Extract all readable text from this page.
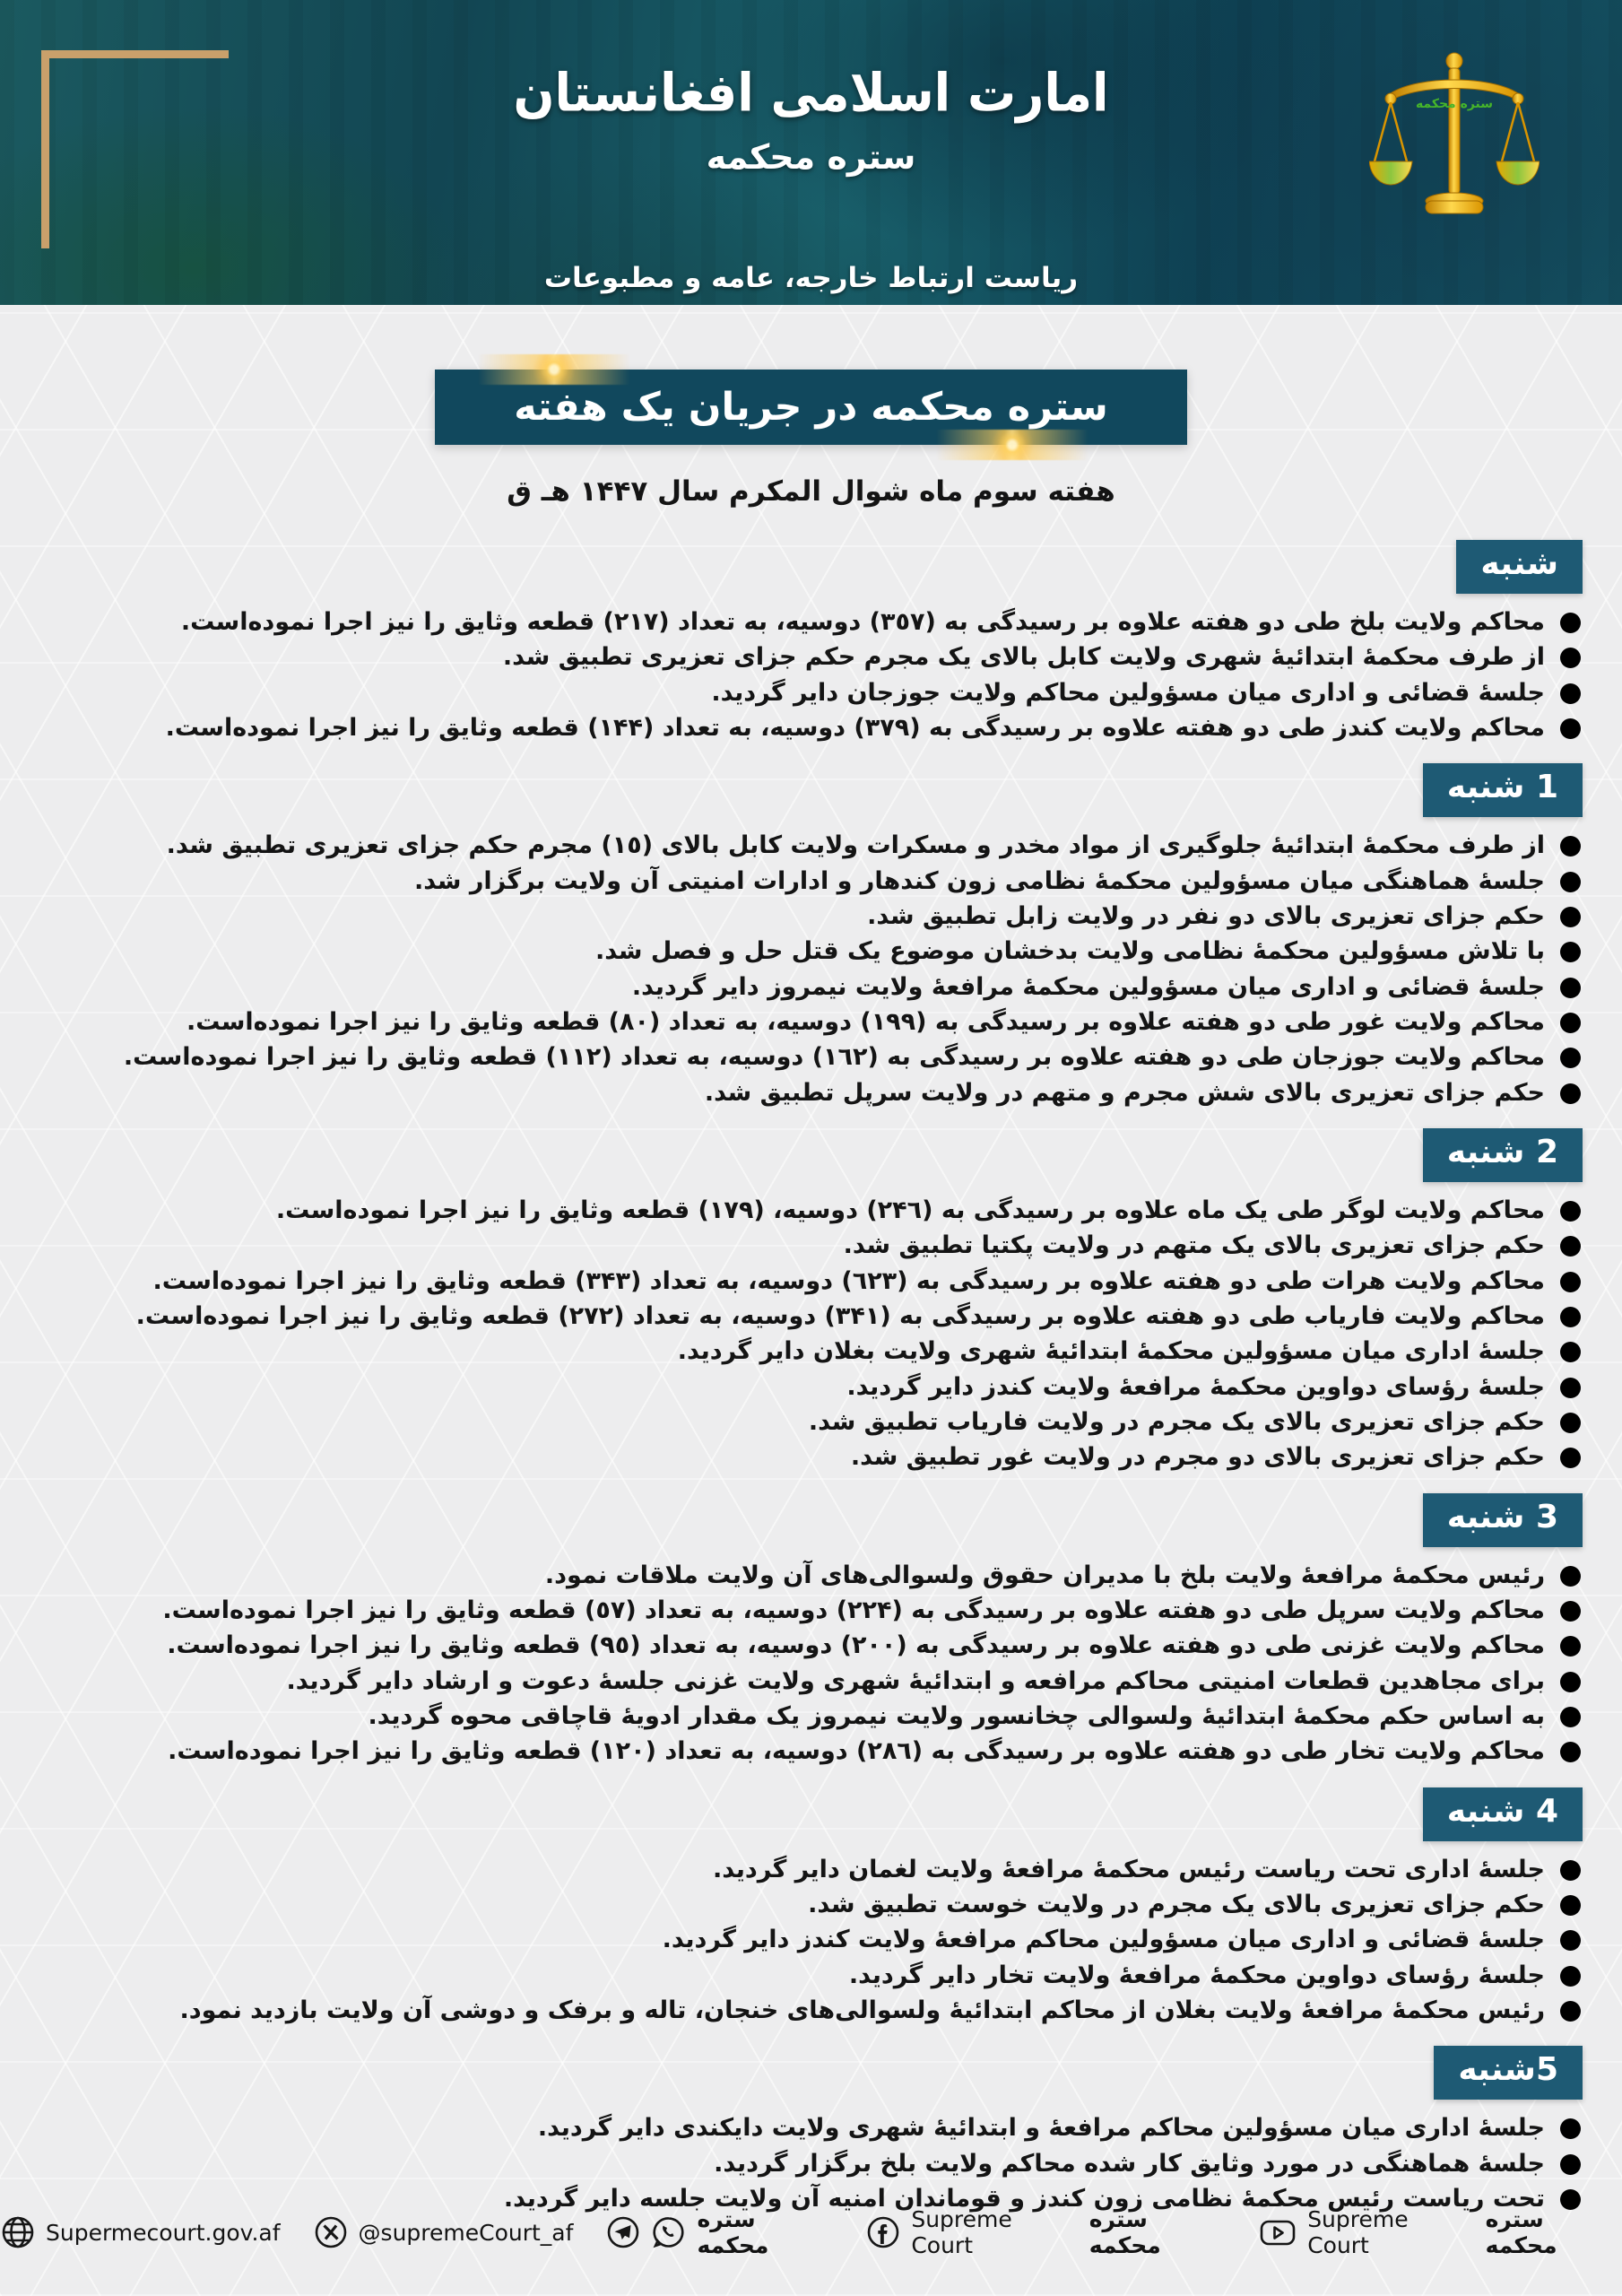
امارت اسلامی افغانستان
ستره محکمه
ستره محکمه
ریاست ارتباط خارجه، عامه و مطبوعات
ستره محکمه در جریان یک هفته
هفته سوم ماه شوال المکرم سال ۱۴۴۷ هـ ق
شنبه
محاکم ولایت بلخ طی دو هفته علاوه بر رسیدگی به (۳٥۷) دوسیه، به تعداد (۲۱۷) قطعه وثایق را نیز اجرا نموده‌است.
از طرف محکمهٔ ابتدائیهٔ شهری ولایت کابل بالای یک مجرم حکم جزای تعزیری تطبیق شد.
جلسهٔ قضائی و اداری میان مسؤولین محاکم ولایت جوزجان دایر گردید.
محاکم ولایت کندز طی دو هفته علاوه بر رسیدگی به (۳۷۹) دوسیه، به تعداد (۱۴۴) قطعه وثایق را نیز اجرا نموده‌است.
1 شنبه
از طرف محکمهٔ ابتدائیهٔ جلوگیری از مواد مخدر و مسکرات ولایت کابل بالای (۱٥) مجرم حکم جزای تعزیری تطبیق شد.
جلسهٔ هماهنگی میان مسؤولین محکمهٔ نظامی زون کندهار و ادارات امنیتی آن ولایت برگزار شد.
حکم جزای تعزیری بالای دو نفر در ولایت زابل تطبیق شد.
با تلاش مسؤولین محکمهٔ نظامی ولایت بدخشان موضوع یک قتل حل و فصل شد.
جلسهٔ قضائی و اداری میان مسؤولین محکمهٔ مرافعهٔ ولایت نیمروز دایر گردید.
محاکم ولایت غور طی دو هفته علاوه بر رسیدگی به (۱۹۹) دوسیه، به تعداد (۸۰) قطعه وثایق را نیز اجرا نموده‌است.
محاکم ولایت جوزجان طی دو هفته علاوه بر رسیدگی به (۱٦۲) دوسیه، به تعداد (۱۱۲) قطعه وثایق را نیز اجرا نموده‌است.
حکم جزای تعزیری بالای شش مجرم و متهم در ولایت سرپل تطبیق شد.
2 شنبه
محاکم ولایت لوگر طی یک ماه علاوه بر رسیدگی به (۲۴٦) دوسیه، (۱۷۹) قطعه وثایق را نیز اجرا نموده‌است.
حکم جزای تعزیری بالای یک متهم در ولایت پکتیا تطبیق شد.
محاکم ولایت هرات طی دو هفته علاوه بر رسیدگی به (٦۲۳) دوسیه، به تعداد (۳۴۳) قطعه وثایق را نیز اجرا نموده‌است.
محاکم ولایت فاریاب طی دو هفته علاوه بر رسیدگی به (۳۴۱) دوسیه، به تعداد (۲۷۲) قطعه وثایق را نیز اجرا نموده‌است.
جلسهٔ اداری میان مسؤولین محکمهٔ ابتدائیهٔ شهری ولایت بغلان دایر گردید.
جلسهٔ رؤسای دواوین محکمهٔ مرافعهٔ ولایت کندز دایر گردید.
حکم جزای تعزیری بالای یک مجرم در ولایت فاریاب تطبیق شد.
حکم جزای تعزیری بالای دو مجرم در ولایت غور تطبیق شد.
3 شنبه
رئیس محکمهٔ مرافعهٔ ولایت بلخ با مدیران حقوق ولسوالی‌های آن ولایت ملاقات نمود.
محاکم ولایت سرپل طی دو هفته علاوه بر رسیدگی به (۲۲۴) دوسیه، به تعداد (٥۷) قطعه وثایق را نیز اجرا نموده‌است.
محاکم ولایت غزنی طی دو هفته علاوه بر رسیدگی به (۲۰۰) دوسیه، به تعداد (۹٥) قطعه وثایق را نیز اجرا نموده‌است.
برای مجاهدین قطعات امنیتی محاکم مرافعه و ابتدائیهٔ شهری ولایت غزنی جلسهٔ دعوت و ارشاد دایر گردید.
به اساس حکم محکمهٔ ابتدائیهٔ ولسوالی چخانسور ولایت نیمروز یک مقدار ادویهٔ قاچاقی محوه گردید.
محاکم ولایت تخار طی دو هفته علاوه بر رسیدگی به (۲۸٦) دوسیه، به تعداد (۱۲۰) قطعه وثایق را نیز اجرا نموده‌است.
4 شنبه
جلسهٔ اداری تحت ریاست رئیس محکمهٔ مرافعهٔ ولایت لغمان دایر گردید.
حکم جزای تعزیری بالای یک مجرم در ولایت خوست تطبیق شد.
جلسهٔ قضائی و اداری میان مسؤولین محاکم مرافعهٔ ولایت کندز دایر گردید.
جلسهٔ رؤسای دواوین محکمهٔ مرافعهٔ ولایت تخار دایر گردید.
رئیس محکمهٔ مرافعهٔ ولایت بغلان از محاکم ابتدائیهٔ ولسوالی‌های خنجان، تاله و برفک و دوشی آن ولایت بازدید نمود.
5شنبه
جلسهٔ اداری میان مسؤولین محاکم مرافعهٔ و ابتدائیهٔ شهری ولایت دایکندی دایر گردید.
جلسهٔ هماهنگی در مورد وثایق کار شده محاکم ولایت بلخ برگزار گردید.
تحت ریاست رئیس محکمهٔ نظامی زون کندز و قوماندان امنیه آن ولایت جلسه دایر گردید.
Supermecourt.gov.af	@supremeCourt_af	ستره محکمه
Supreme Court
ستره محکمه
Supreme Court
ستره محکمه
